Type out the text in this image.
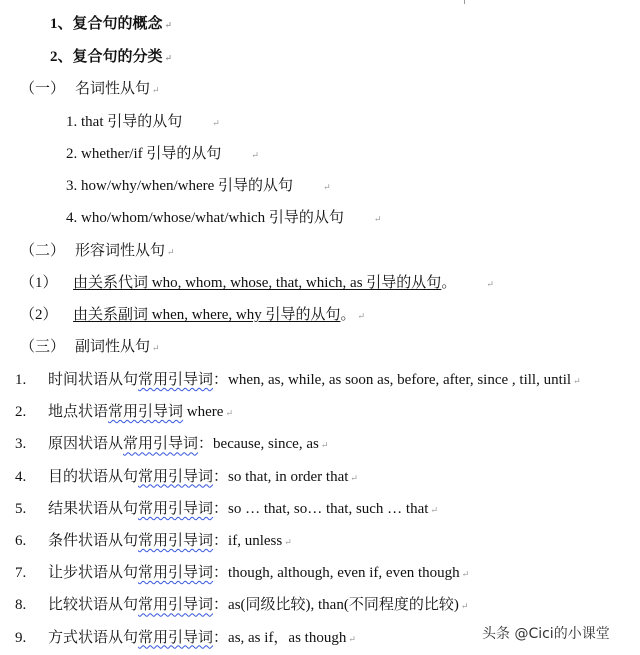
1、复合句的概念 ↵
2、复合句的分类 ↵
（一） 名词性从句 ↵
1. that 引导的从句 ↵
2. whether/if 引导的从句 ↵
3. how/why/when/where 引导的从句 ↵
4. who/whom/whose/what/which 引导的从句 ↵
（二） 形容词性从句 ↵
（1） 由关系代词 who, whom, whose, that, which, as 引导的从句。 ↵
（2） 由关系副词 when, where, why 引导的从句。 ↵
（三） 副词性从句 ↵
1. 时间状语从句常用引导词：when, as, while, as soon as, before, after, since , till, until ↵
2. 地点状语常用引导词 where ↵
3. 原因状语从常用引导词：because, since, as ↵
4. 目的状语从句常用引导词：so that, in order that ↵
5. 结果状语从句常用引导词：so … that, so… that, such … that ↵
6. 条件状语从句常用引导词：if, unless ↵
7. 让步状语从句常用引导词：though, although, even if, even though ↵
8. 比较状语从句常用引导词：as(同级比较), than(不同程度的比较) ↵
9. 方式状语从句常用引导词：as, as if，as though ↵	头条 @Cici的小课堂
